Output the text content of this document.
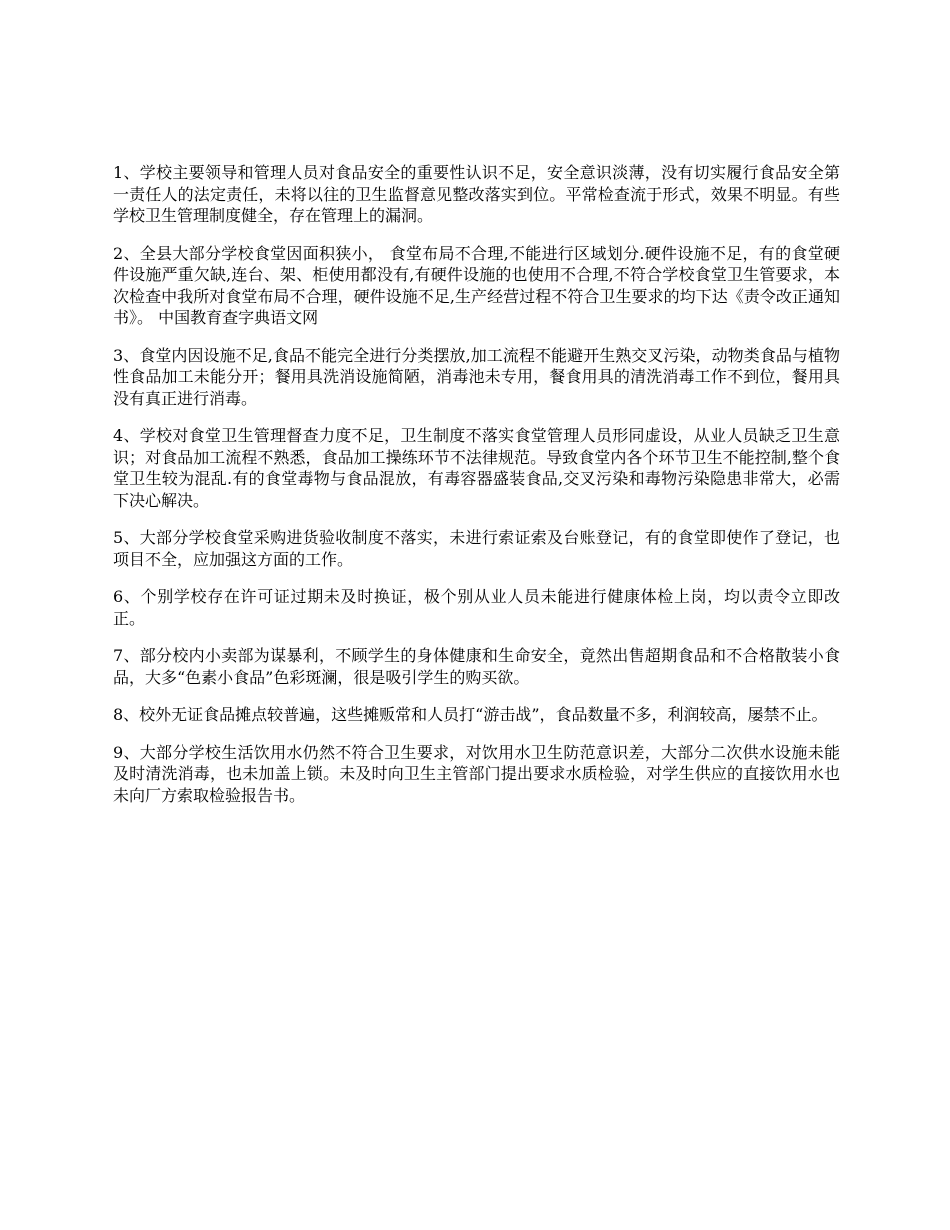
1、学校主要领导和管理人员对食品安全的重要性认识不足，安全意识淡薄，没有切实履行食品安全第一责任人的法定责任，未将以往的卫生监督意见整改落实到位。平常检查流于形式，效果不明显。有些学校卫生管理制度健全，存在管理上的漏洞。

2、全县大部分学校食堂因面积狭小， 食堂布局不合理,不能进行区域划分.硬件设施不足，有的食堂硬件设施严重欠缺,连台、架、柜使用都没有,有硬件设施的也使用不合理,不符合学校食堂卫生管要求，本次检查中我所对食堂布局不合理，硬件设施不足,生产经营过程不符合卫生要求的均下达《责令改正通知书》。 中国教育查字典语文网

3、食堂内因设施不足,食品不能完全进行分类摆放,加工流程不能避开生熟交叉污染，动物类食品与植物性食品加工未能分开；餐用具洗消设施简陋，消毒池未专用，餐食用具的清洗消毒工作不到位，餐用具没有真正进行消毒。

4、学校对食堂卫生管理督查力度不足，卫生制度不落实食堂管理人员形同虚设，从业人员缺乏卫生意识；对食品加工流程不熟悉，食品加工操练环节不法律规范。导致食堂内各个环节卫生不能控制,整个食堂卫生较为混乱.有的食堂毒物与食品混放，有毒容器盛装食品,交叉污染和毒物污染隐患非常大，必需下决心解决。

5、大部分学校食堂采购进货验收制度不落实，未进行索证索及台账登记，有的食堂即使作了登记，也项目不全，应加强这方面的工作。

6、个别学校存在许可证过期未及时换证，极个别从业人员未能进行健康体检上岗，均以责令立即改正。

7、部分校内小卖部为谋暴利，不顾学生的身体健康和生命安全，竟然出售超期食品和不合格散装小食品，大多“色素小食品”色彩斑澜，很是吸引学生的购买欲。

8、校外无证食品摊点较普遍，这些摊贩常和人员打“游击战”，食品数量不多，利润较高，屡禁不止。

9、大部分学校生活饮用水仍然不符合卫生要求，对饮用水卫生防范意识差，大部分二次供水设施未能及时清洗消毒，也未加盖上锁。未及时向卫生主管部门提出要求水质检验，对学生供应的直接饮用水也未向厂方索取检验报告书。
